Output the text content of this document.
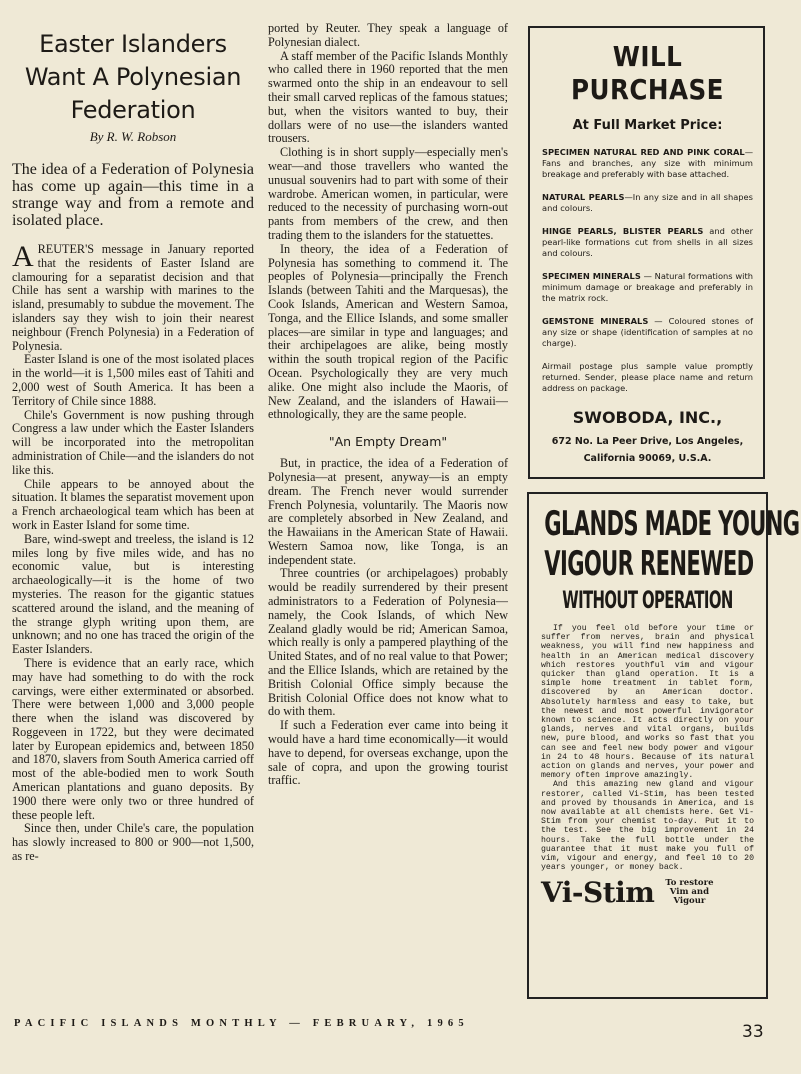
Easter Islanders
Want A Polynesian
Federation
By R. W. Robson
The idea of a Federation of Polynesia has come up again—this time in a strange way and from a remote and isolated place.

AREUTER'S message in January reported that the residents of Easter Island are clamouring for a separatist decision and that Chile has sent a warship with marines to the island, presumably to subdue the movement. The islanders say they wish to join their nearest neighbour (French Polynesia) in a Federation of Polynesia.

Easter Island is one of the most isolated places in the world—it is 1,500 miles east of Tahiti and 2,000 west of South America. It has been a Territory of Chile since 1888.

Chile's Government is now pushing through Congress a law under which the Easter Islanders will be incorporated into the metropolitan administration of Chile—and the islanders do not like this.

Chile appears to be annoyed about the situation. It blames the separatist movement upon a French archaeological team which has been at work in Easter Island for some time.

Bare, wind-swept and treeless, the island is 12 miles long by five miles wide, and has no economic value, but is interesting archaeologically—it is the home of two mysteries. The reason for the gigantic statues scattered around the island, and the meaning of the strange glyph writing upon them, are unknown; and no one has traced the origin of the Easter Islanders.

There is evidence that an early race, which may have had something to do with the rock carvings, were either exterminated or absorbed. There were between 1,000 and 3,000 people there when the island was discovered by Roggeveen in 1722, but they were decimated later by European epidemics and, between 1850 and 1870, slavers from South America carried off most of the able-bodied men to work South American plantations and guano deposits. By 1900 there were only two or three hundred of these people left.

Since then, under Chile's care, the population has slowly increased to 800 or 900—not 1,500, as re-

ported by Reuter. They speak a language of Polynesian dialect.

A staff member of the Pacific Islands Monthly who called there in 1960 reported that the men swarmed onto the ship in an endeavour to sell their small carved replicas of the famous statues; but, when the visitors wanted to buy, their dollars were of no use—the islanders wanted trousers.

Clothing is in short supply—especially men's wear—and those travellers who wanted the unusual souvenirs had to part with some of their wardrobe. American women, in particular, were reduced to the necessity of purchasing worn-out pants from members of the crew, and then trading them to the islanders for the statuettes.

In theory, the idea of a Federation of Polynesia has something to commend it. The peoples of Polynesia—principally the French Islands (between Tahiti and the Marquesas), the Cook Islands, American and Western Samoa, Tonga, and the Ellice Islands, and some smaller places—are similar in type and languages; and their archipelagoes are alike, being mostly within the south tropical region of the Pacific Ocean. Psychologically they are very much alike. One might also include the Maoris, of New Zealand, and the islanders of Hawaii—ethnologically, they are the same people.

"An Empty Dream"

But, in practice, the idea of a Federation of Polynesia—at present, anyway—is an empty dream. The French never would surrender French Polynesia, voluntarily. The Maoris now are completely absorbed in New Zealand, and the Hawaiians in the American State of Hawaii. Western Samoa now, like Tonga, is an independent state.

Three countries (or archipelagoes) probably would be readily surrendered by their present administrators to a Federation of Polynesia—namely, the Cook Islands, of which New Zealand gladly would be rid; American Samoa, which really is only a pampered plaything of the United States, and of no real value to that Power; and the Ellice Islands, which are retained by the British Colonial Office simply because the British Colonial Office does not know what to do with them.

If such a Federation ever came into being it would have a hard time economically—it would have to depend, for overseas exchange, upon the sale of copra, and upon the growing tourist traffic.

WILL PURCHASE
At Full Market Price:

SPECIMEN NATURAL RED AND PINK CORAL—Fans and branches, any size with minimum breakage and preferably with base attached.

NATURAL PEARLS—In any size and in all shapes and colours.

HINGE PEARLS, BLISTER PEARLS and other pearl-like formations cut from shells in all sizes and colours.

SPECIMEN MINERALS — Natural formations with minimum damage or breakage and preferably in the matrix rock.

GEMSTONE MINERALS — Coloured stones of any size or shape (identification of samples at no charge).

Airmail postage plus sample value promptly returned. Sender, please place name and return address on package.

SWOBODA, INC.,
672 No. La Peer Drive, Los Angeles,
California 90069, U.S.A.
GLANDS MADE YOUNG
VIGOUR RENEWED
WITHOUT OPERATION

If you feel old before your time or suffer from nerves, brain and physical weakness, you will find new happiness and health in an American medical discovery which restores youthful vim and vigour quicker than gland operation. It is a simple home treatment in tablet form, discovered by an American doctor. Absolutely harmless and easy to take, but the newest and most powerful invigorator known to science. It acts directly on your glands, nerves and vital organs, builds new, pure blood, and works so fast that you can see and feel new body power and vigour in 24 to 48 hours. Because of its natural action on glands and nerves, your power and memory often improve amazingly.

And this amazing new gland and vigour restorer, called Vi-Stim, has been tested and proved by thousands in America, and is now available at all chemists here. Get Vi-Stim from your chemist to-day. Put it to the test. See the big improvement in 24 hours. Take the full bottle under the guarantee that it must make you full of vim, vigour and energy, and feel 10 to 20 years younger, or money back.

Vi-Stim	To restore Vim and Vigour
PACIFIC ISLANDS MONTHLY — FEBRUARY, 1965	33
